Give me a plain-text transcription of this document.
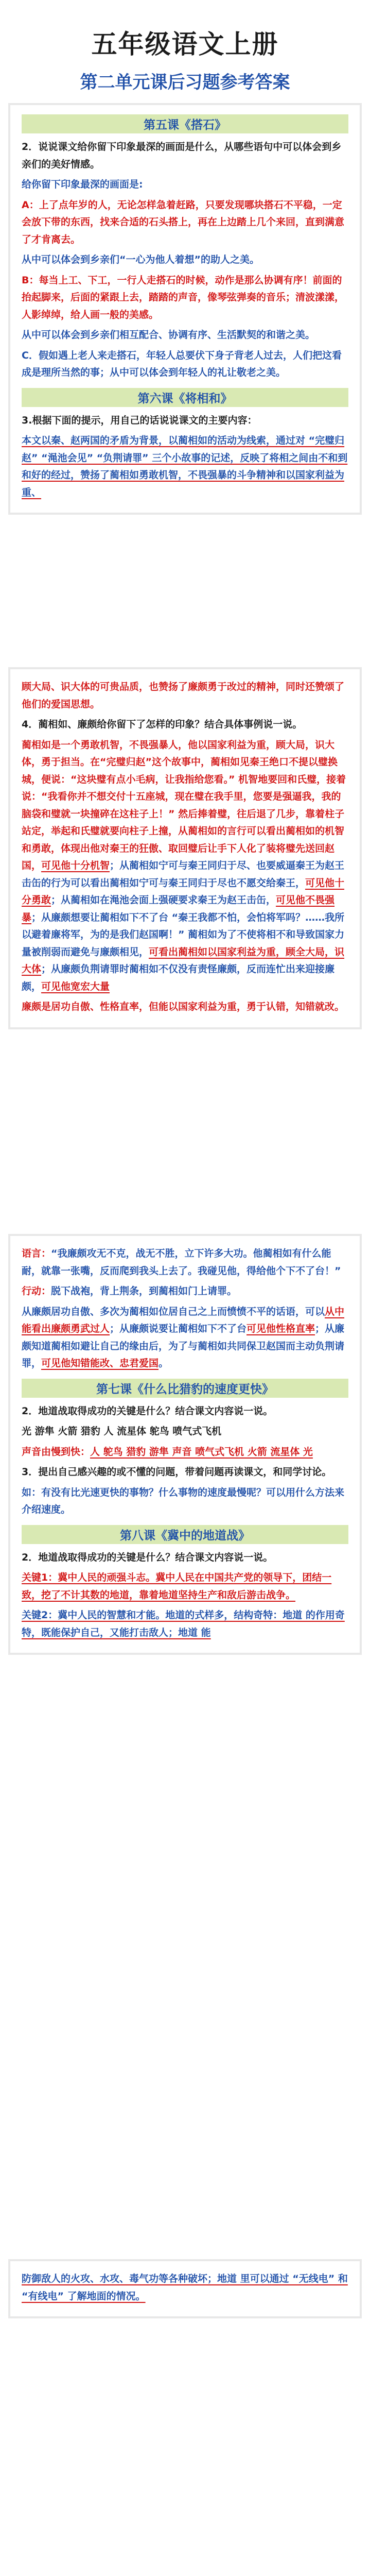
五年级语文上册
第二单元课后习题参考答案
第五课《搭石》

2．说说课文给你留下印象最深的画面是什么，从哪些语句中可以体会到乡亲们的美好情感。

给你留下印象最深的画面是:

A：上了点年岁的人，无论怎样急着赶路，只要发现哪块搭石不平稳，一定会放下带的东西，找来合适的石头搭上，再在上边踏上几个来回，直到满意了才肯离去。

从中可以体会到乡亲们“一心为他人着想”的助人之美。

B：每当上工、下工，一行人走搭石的时候，动作是那么协调有序！前面的抬起脚来，后面的紧跟上去，踏踏的声音，像琴弦弹奏的音乐；清波漾漾，人影绰绰，给人画一般的美感。

从中可以体会到乡亲们相互配合、协调有序、生活默契的和谐之美。

C．假如遇上老人来走搭石，年轻人总要伏下身子背老人过去，人们把这看成是理所当然的事；从中可以体会到年轻人的礼让敬老之美。

第六课《将相和》

3.根据下面的提示，用自己的话说说课文的主要内容：

本文以秦、赵两国的矛盾为背景，以蔺相如的活动为线索，通过对 “完璧归赵” “渑池会见” “负荆请罪” 三个小故事的记述，反映了将相之间由不和到和好的经过，赞扬了蔺相如勇敢机智，不畏强暴的斗争精神和以国家利益为重、

顾大局、识大体的可贵品质，也赞扬了廉颇勇于改过的精神，同时还赞颂了他们的爱国思想。

4．蔺相如、廉颇给你留下了怎样的印象？结合具体事例说一说。

蔺相如是一个勇敢机智，不畏强暴人，他以国家利益为重，顾大局，识大体，勇于担当。在“完璧归赵”这个故事中，蔺相如见秦王绝口不提以璧换城，便说：“这块璧有点小毛病，让我指给您看。” 机智地要回和氏璧，接着说：“我看你并不想交付十五座城，现在璧在我手里，您要是强逼我，我的脑袋和璧就一块撞碎在这柱子上！” 然后捧着璧，往后退了几步，靠着柱子站定，举起和氏璧就要向柱子上撞，从蔺相如的言行可以看出蔺相如的机智和勇敢，体现出他对秦王的狂傲、取回璧后让手下人化了装将璧先送回赵国，可见他十分机智；从蔺相如宁可与秦王同归于尽、也要威逼秦王为赵王击缶的行为可以看出蔺相如宁可与秦王同归于尽也不愿交给秦王，可见他十分勇敢；从蔺相如在渑池会面上强硬要求秦王为赵王击缶，可见他不畏强暴；从廉颇想要让蔺相如下不了台 “秦王我都不怕，会怕将军吗？……我所以避着廉将军，为的是我们赵国啊！” 蔺相如为了不使将相不和导致国家力量被削弱而避免与廉颇相见，可看出蔺相如以国家利益为重，顾全大局，识大体；从廉颇负荆请罪时蔺相如不仅没有责怪廉颇，反而连忙出来迎接廉颇，可见他宽宏大量

廉颇是居功自傲、性格直率，但能以国家利益为重，勇于认错，知错就改。

语言：“我廉颇攻无不克，战无不胜，立下许多大功。他蔺相如有什么能耐，就靠一张嘴，反而爬到我头上去了。我碰见他，得给他个下不了台！”

行动：脱下战袍，背上荆条，到蔺相如门上请罪。

从廉颇居功自傲、多次为蔺相如位居自己之上而愤愤不平的话语，可以从中能看出廉颇勇武过人；从廉颇说要让蔺相如下不了台可见他性格直率；从廉颇知道蔺相如避让自己的缘由后，为了与蔺相如共同保卫赵国而主动负荆请罪，可见他知错能改、忠君爱国。

第七课《什么比猎豹的速度更快》

2．地道战取得成功的关键是什么？结合课文内容说一说。

光 游隼 火箭 猎豹 人 流星体 鸵鸟 喷气式飞机

声音由慢到快：人 鸵鸟 猎豹 游隼 声音 喷气式飞机 火箭 流星体 光

3．提出自己感兴趣的或不懂的问题，带着问题再读课文，和同学讨论。

如：有没有比光速更快的事物？什么事物的速度最慢呢？可以用什么方法来介绍速度。

第八课《冀中的地道战》

2．地道战取得成功的关键是什么？结合课文内容说一说。

关键1：冀中人民的顽强斗志。冀中人民在中国共产党的领导下，团结一致，挖了不计其数的地道，靠着地道坚持生产和敌后游击战争。

关键2：冀中人民的智慧和才能。地道的式样多，结构奇特：地道 的作用奇特，既能保护自己，又能打击敌人；地道 能

防御敌人的火攻、水攻、毒气功等各种破坏；地道 里可以通过 “无线电” 和 “有线电” 了解地面的情况。
